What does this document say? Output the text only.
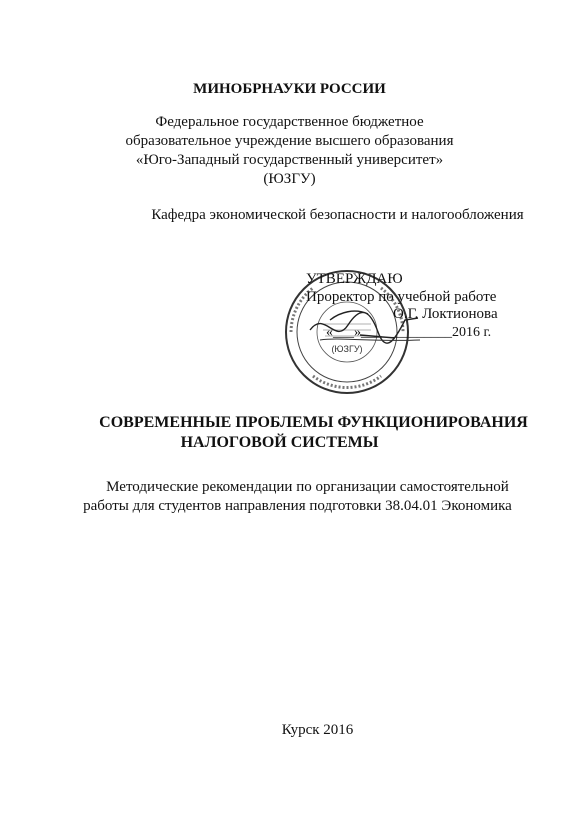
МИНОБРНАУКИ РОССИИ
Федеральное государственное бюджетное
образовательное учреждение высшего образования
«Юго-Западный государственный университет»
(ЮЗГУ)
Кафедра экономической безопасности и налогообложения
(ЮЗГУ)
УТВЕРЖДАЮ
Проректор по учебной работе
О.Г. Локтионова
«___»_____________2016 г.
СОВРЕМЕННЫЕ ПРОБЛЕМЫ ФУНКЦИОНИРОВАНИЯ
НАЛОГОВОЙ СИСТЕМЫ
Методические рекомендации по организации самостоятельной
работы для студентов направления подготовки 38.04.01 Экономика
Курск 2016
